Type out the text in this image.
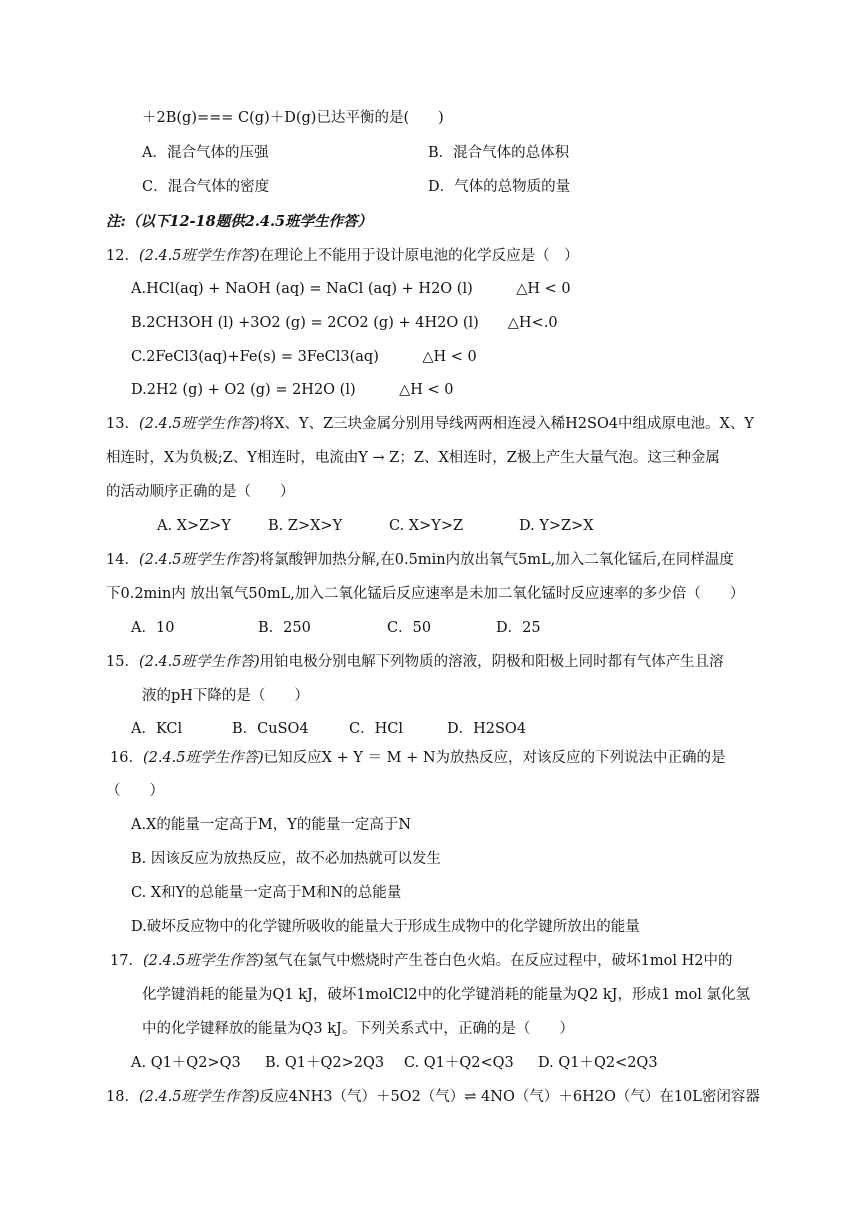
＋2B(g)=== C(g)＋D(g)已达平衡的是(　　)
A．混合气体的压强	B．混合气体的总体积
C．混合气体的密度	D．气体的总物质的量
注:（以下12-18题供2.4.5班学生作答）
12．(2.4.5班学生作答)在理论上不能用于设计原电池的化学反应是（　）
A.HCl(aq) + NaOH (aq) = NaCl (aq) + H2O (l)　　　△H < 0
B.2CH3OH (l) +3O2 (g) = 2CO2 (g) + 4H2O (l)　　△H<.0
C.2FeCl3(aq)+Fe(s) = 3FeCl3(aq)　　　△H < 0
D.2H2 (g) + O2 (g) = 2H2O (l)　　　△H < 0
13．(2.4.5班学生作答)将X、Y、Z三块金属分别用导线两两相连浸入稀H2SO4中组成原电池。X、Y
相连时，X为负极;Z、Y相连时，电流由Y → Z；Z、X相连时，Z极上产生大量气泡。这三种金属
的活动顺序正确的是（　　）
A. X>Z>Y	B. Z>X>Y	C. X>Y>Z	D. Y>Z>X
14．(2.4.5班学生作答)将氯酸钾加热分解,在0.5min内放出氧气5mL,加入二氧化锰后,在同样温度
下0.2min内 放出氧气50mL,加入二氧化锰后反应速率是未加二氧化锰时反应速率的多少倍（　　）
A．10	B．250	C．50	D．25
15．(2.4.5班学生作答)用铂电极分别电解下列物质的溶液，阴极和阳极上同时都有气体产生且溶
液的pH下降的是（　　）
A．KCl	B．CuSO4	C．HCl	D．H2SO4
16．(2.4.5班学生作答)已知反应X + Y ＝ M + N为放热反应，对该反应的下列说法中正确的是
（　　）
A.X的能量一定高于M，Y的能量一定高于N
B. 因该反应为放热反应，故不必加热就可以发生
C. X和Y的总能量一定高于M和N的总能量
D.破坏反应物中的化学键所吸收的能量大于形成生成物中的化学键所放出的能量
17．(2.4.5班学生作答)氢气在氯气中燃烧时产生苍白色火焰。在反应过程中，破坏1mol H2中的
化学键消耗的能量为Q1 kJ，破坏1molCl2中的化学键消耗的能量为Q2 kJ，形成1 mol 氯化氢
中的化学键释放的能量为Q3 kJ。下列关系式中，正确的是（　　）
A. Q1＋Q2>Q3 B. Q1＋Q2>2Q3 C. Q1＋Q2<Q3 D. Q1＋Q2<2Q3
18．(2.4.5班学生作答)反应4NH3（气）＋5O2（气）⇌ 4NO（气）＋6H2O（气）在10L密闭容器
